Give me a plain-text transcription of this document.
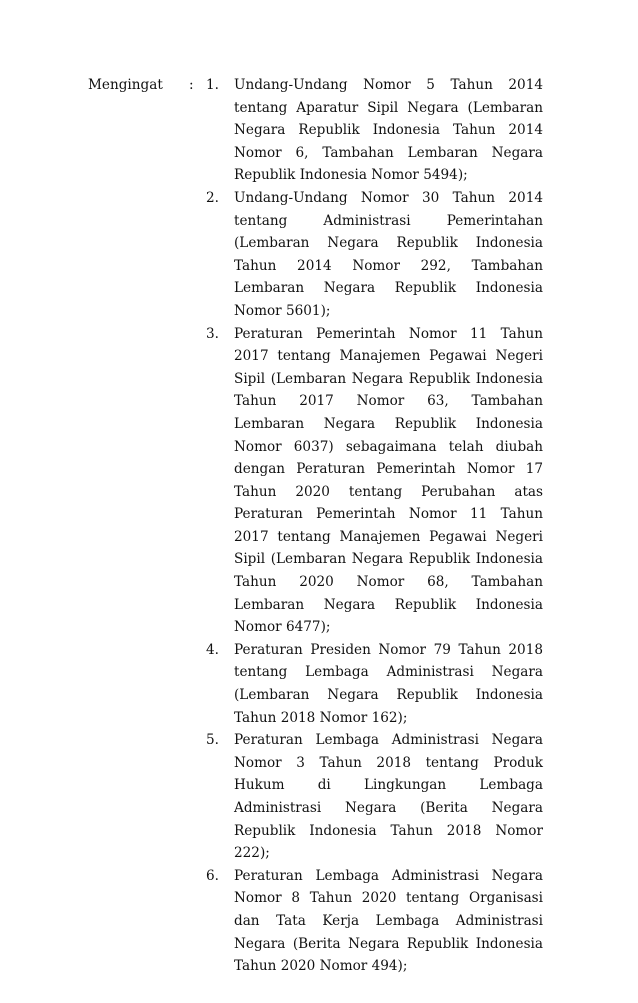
Mengingat : 1. Undang-Undang Nomor 5 Tahun 2014 tentang Aparatur Sipil Negara (Lembaran Negara Republik Indonesia Tahun 2014 Nomor 6, Tambahan Lembaran Negara Republik Indonesia Nomor 5494);
2. Undang-Undang Nomor 30 Tahun 2014 tentang Administrasi Pemerintahan (Lembaran Negara Republik Indonesia Tahun 2014 Nomor 292, Tambahan Lembaran Negara Republik Indonesia Nomor 5601);
3. Peraturan Pemerintah Nomor 11 Tahun 2017 tentang Manajemen Pegawai Negeri Sipil (Lembaran Negara Republik Indonesia Tahun 2017 Nomor 63, Tambahan Lembaran Negara Republik Indonesia Nomor 6037) sebagaimana telah diubah dengan Peraturan Pemerintah Nomor 17 Tahun 2020 tentang Perubahan atas Peraturan Pemerintah Nomor 11 Tahun 2017 tentang Manajemen Pegawai Negeri Sipil (Lembaran Negara Republik Indonesia Tahun 2020 Nomor 68, Tambahan Lembaran Negara Republik Indonesia Nomor 6477);
4. Peraturan Presiden Nomor 79 Tahun 2018 tentang Lembaga Administrasi Negara (Lembaran Negara Republik Indonesia Tahun 2018 Nomor 162);
5. Peraturan Lembaga Administrasi Negara Nomor 3 Tahun 2018 tentang Produk Hukum di Lingkungan Lembaga Administrasi Negara (Berita Negara Republik Indonesia Tahun 2018 Nomor 222);
6. Peraturan Lembaga Administrasi Negara Nomor 8 Tahun 2020 tentang Organisasi dan Tata Kerja Lembaga Administrasi Negara (Berita Negara Republik Indonesia Tahun 2020 Nomor 494);
